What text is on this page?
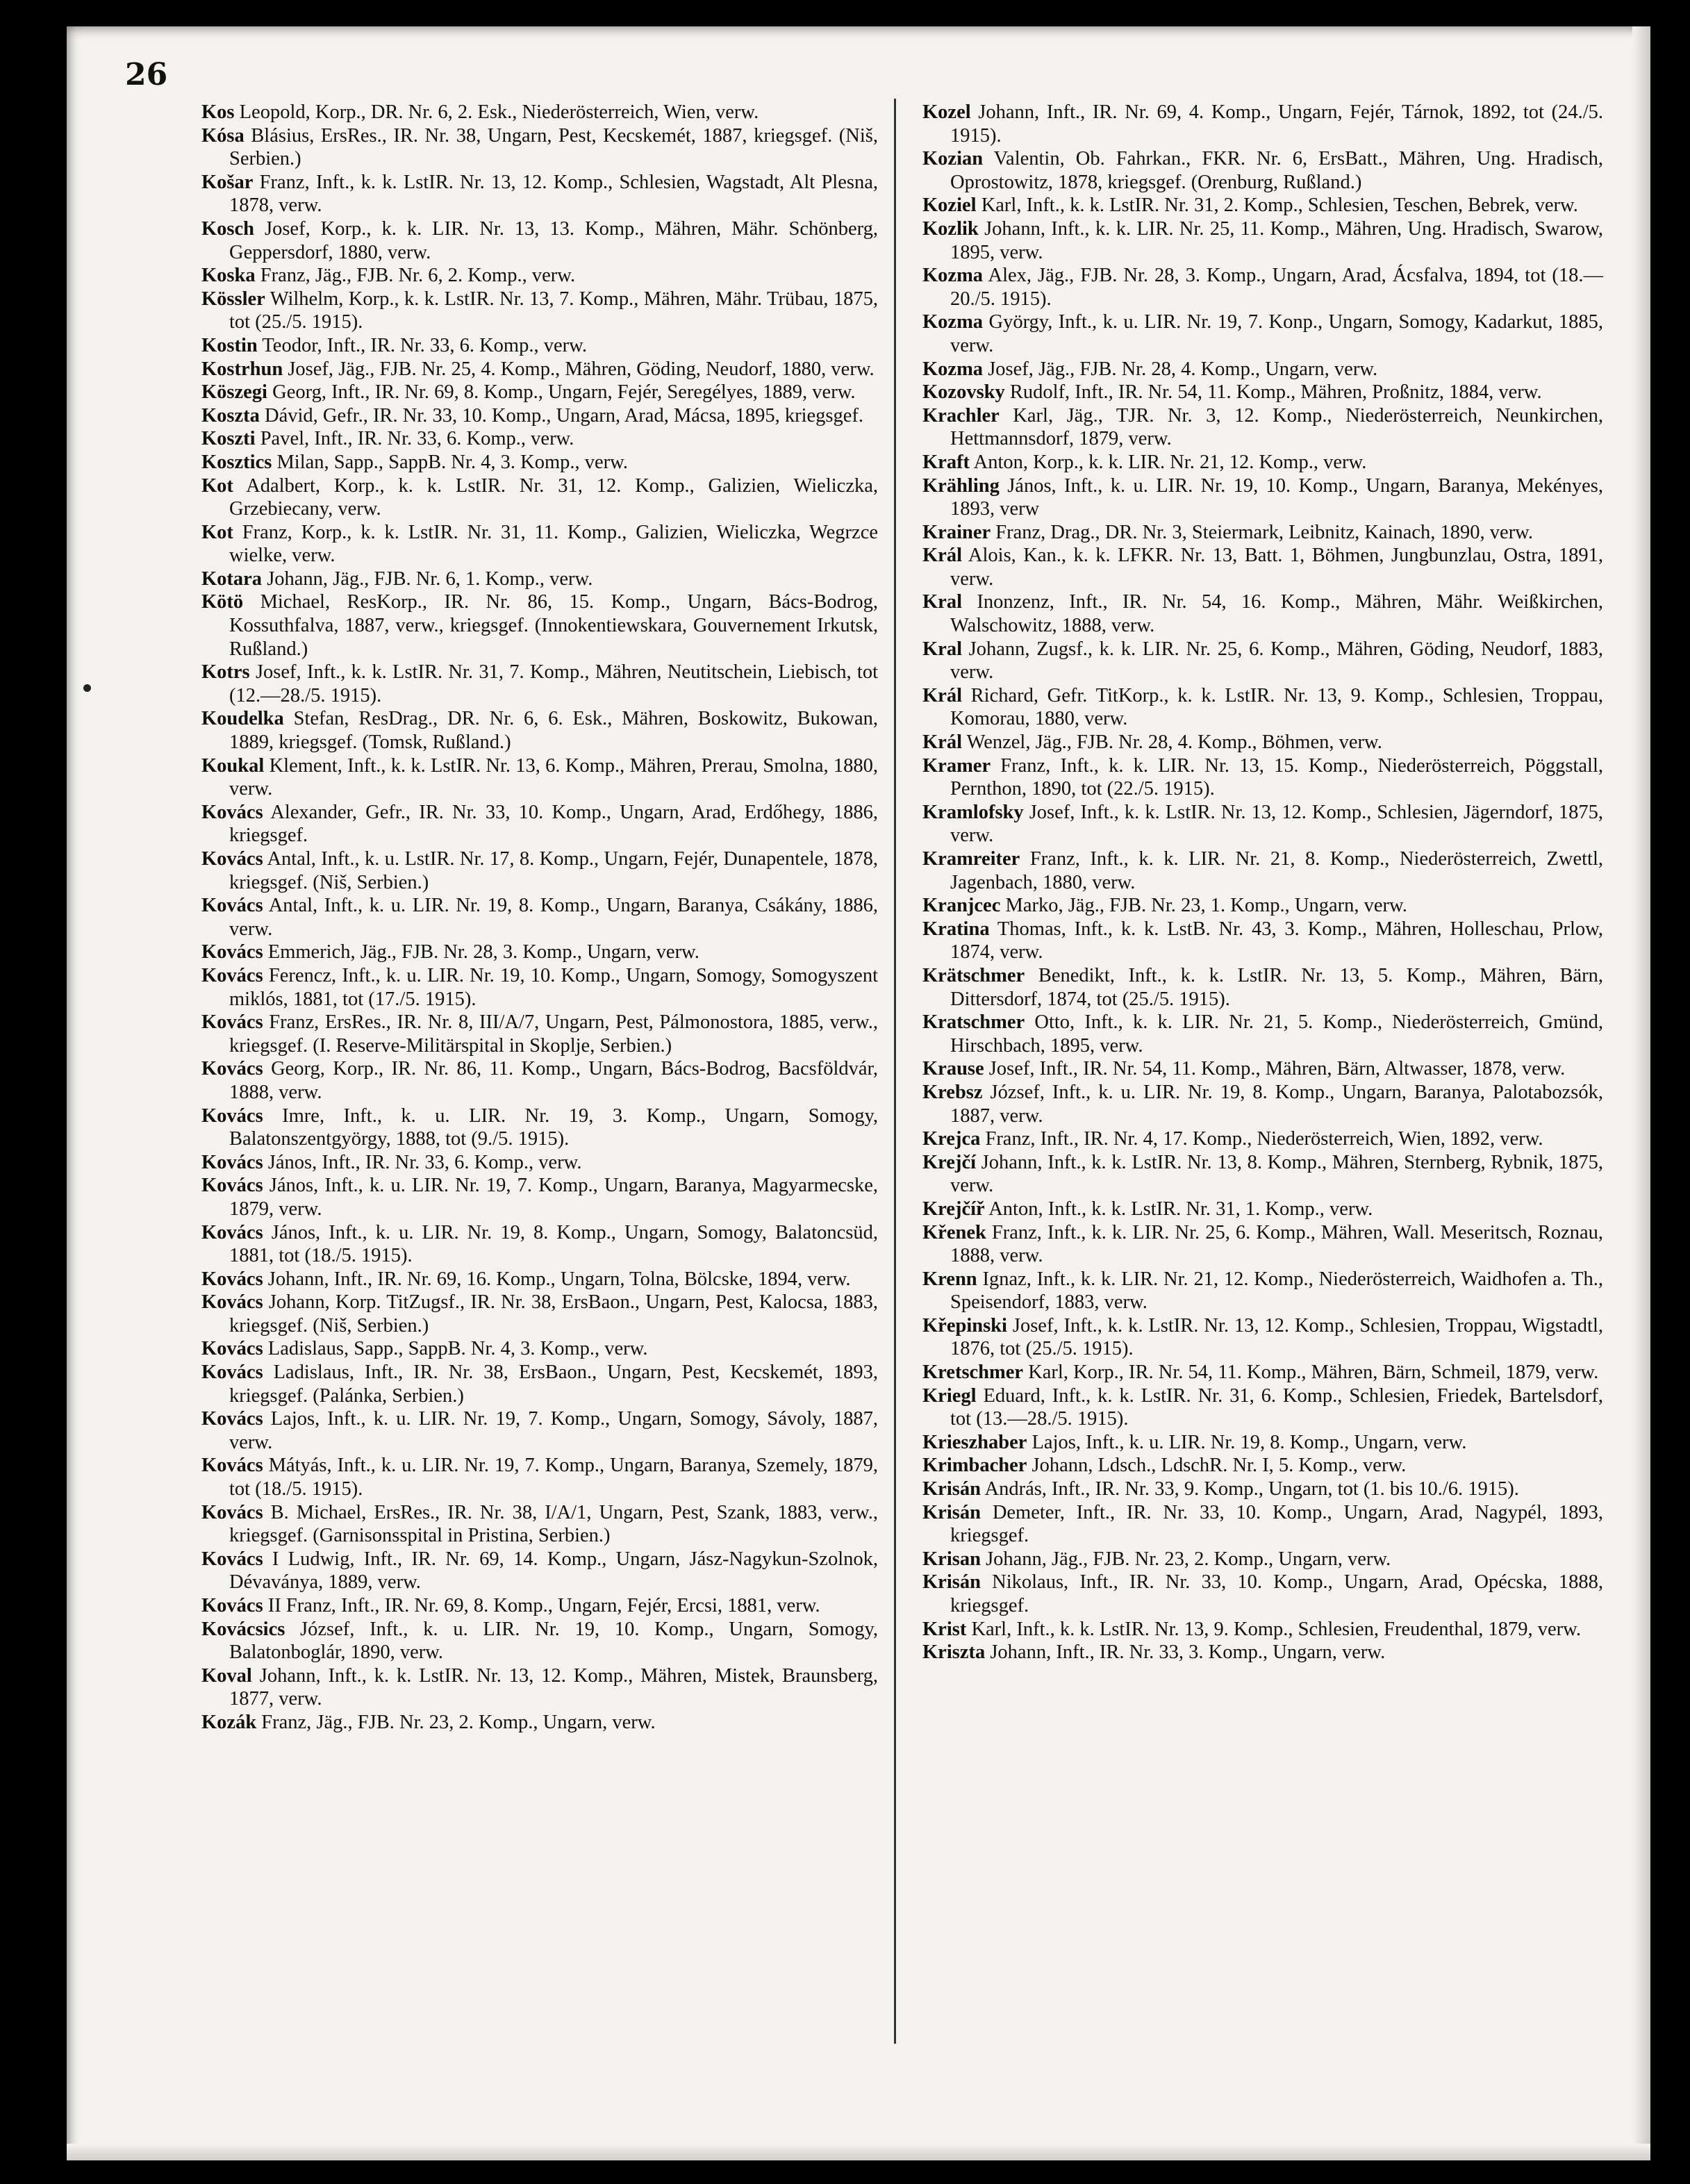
26

Kos Leopold, Korp., DR. Nr. 6, 2. Esk., Niederösterreich, Wien, verw.

Kósa Blásius, ErsRes., IR. Nr. 38, Ungarn, Pest, Kecskemét, 1887, kriegsgef. (Niš, Serbien.)

Košar Franz, Inft., k. k. LstIR. Nr. 13, 12. Komp., Schlesien, Wagstadt, Alt Plesna, 1878, verw.

Kosch Josef, Korp., k. k. LIR. Nr. 13, 13. Komp., Mähren, Mähr. Schönberg, Geppersdorf, 1880, verw.

Koska Franz, Jäg., FJB. Nr. 6, 2. Komp., verw.

Kössler Wilhelm, Korp., k. k. LstIR. Nr. 13, 7. Komp., Mähren, Mähr. Trübau, 1875, tot (25./5. 1915).

Kostin Teodor, Inft., IR. Nr. 33, 6. Komp., verw.

Kostrhun Josef, Jäg., FJB. Nr. 25, 4. Komp., Mähren, Göding, Neudorf, 1880, verw.

Köszegi Georg, Inft., IR. Nr. 69, 8. Komp., Ungarn, Fejér, Seregélyes, 1889, verw.

Koszta Dávid, Gefr., IR. Nr. 33, 10. Komp., Ungarn, Arad, Mácsa, 1895, kriegsgef.

Koszti Pavel, Inft., IR. Nr. 33, 6. Komp., verw.

Kosztics Milan, Sapp., SappB. Nr. 4, 3. Komp., verw.

Kot Adalbert, Korp., k. k. LstIR. Nr. 31, 12. Komp., Galizien, Wieliczka, Grzebiecany, verw.

Kot Franz, Korp., k. k. LstIR. Nr. 31, 11. Komp., Galizien, Wieliczka, Wegrzce wielke, verw.

Kotara Johann, Jäg., FJB. Nr. 6, 1. Komp., verw.

Kötö Michael, ResKorp., IR. Nr. 86, 15. Komp., Ungarn, Bács-Bodrog, Kossuthfalva, 1887, verw., kriegsgef. (Innokentiewskara, Gouvernement Irkutsk, Rußland.)

Kotrs Josef, Inft., k. k. LstIR. Nr. 31, 7. Komp., Mähren, Neutitschein, Liebisch, tot (12.—28./5. 1915).

Koudelka Stefan, ResDrag., DR. Nr. 6, 6. Esk., Mähren, Boskowitz, Bukowan, 1889, kriegsgef. (Tomsk, Rußland.)

Koukal Klement, Inft., k. k. LstIR. Nr. 13, 6. Komp., Mähren, Prerau, Smolna, 1880, verw.

Kovács Alexander, Gefr., IR. Nr. 33, 10. Komp., Ungarn, Arad, Erdőhegy, 1886, kriegsgef.

Kovács Antal, Inft., k. u. LstIR. Nr. 17, 8. Komp., Ungarn, Fejér, Dunapentele, 1878, kriegsgef. (Niš, Serbien.)

Kovács Antal, Inft., k. u. LIR. Nr. 19, 8. Komp., Ungarn, Baranya, Csákány, 1886, verw.

Kovács Emmerich, Jäg., FJB. Nr. 28, 3. Komp., Ungarn, verw.

Kovács Ferencz, Inft., k. u. LIR. Nr. 19, 10. Komp., Ungarn, Somogy, Somogyszent miklós, 1881, tot (17./5. 1915).

Kovács Franz, ErsRes., IR. Nr. 8, III/A/7, Ungarn, Pest, Pálmonostora, 1885, verw., kriegsgef. (I. Reserve-Militärspital in Skoplje, Serbien.)

Kovács Georg, Korp., IR. Nr. 86, 11. Komp., Ungarn, Bács-Bodrog, Bacsföldvár, 1888, verw.

Kovács Imre, Inft., k. u. LIR. Nr. 19, 3. Komp., Ungarn, Somogy, Balatonszentgyörgy, 1888, tot (9./5. 1915).

Kovács János, Inft., IR. Nr. 33, 6. Komp., verw.

Kovács János, Inft., k. u. LIR. Nr. 19, 7. Komp., Ungarn, Baranya, Magyarmecske, 1879, verw.

Kovács János, Inft., k. u. LIR. Nr. 19, 8. Komp., Ungarn, Somogy, Balatoncsüd, 1881, tot (18./5. 1915).

Kovács Johann, Inft., IR. Nr. 69, 16. Komp., Ungarn, Tolna, Bölcske, 1894, verw.

Kovács Johann, Korp. TitZugsf., IR. Nr. 38, ErsBaon., Ungarn, Pest, Kalocsa, 1883, kriegsgef. (Niš, Serbien.)

Kovács Ladislaus, Sapp., SappB. Nr. 4, 3. Komp., verw.

Kovács Ladislaus, Inft., IR. Nr. 38, ErsBaon., Ungarn, Pest, Kecskemét, 1893, kriegsgef. (Palánka, Serbien.)

Kovács Lajos, Inft., k. u. LIR. Nr. 19, 7. Komp., Ungarn, Somogy, Sávoly, 1887, verw.

Kovács Mátyás, Inft., k. u. LIR. Nr. 19, 7. Komp., Ungarn, Baranya, Szemely, 1879, tot (18./5. 1915).

Kovács B. Michael, ErsRes., IR. Nr. 38, I/A/1, Ungarn, Pest, Szank, 1883, verw., kriegsgef. (Garnisonsspital in Pristina, Serbien.)

Kovács I Ludwig, Inft., IR. Nr. 69, 14. Komp., Ungarn, Jász-Nagykun-Szolnok, Dévaványa, 1889, verw.

Kovács II Franz, Inft., IR. Nr. 69, 8. Komp., Ungarn, Fejér, Ercsi, 1881, verw.

Kovácsics József, Inft., k. u. LIR. Nr. 19, 10. Komp., Ungarn, Somogy, Balatonboglár, 1890, verw.

Koval Johann, Inft., k. k. LstIR. Nr. 13, 12. Komp., Mähren, Mistek, Braunsberg, 1877, verw.

Kozák Franz, Jäg., FJB. Nr. 23, 2. Komp., Ungarn, verw.

Kozel Johann, Inft., IR. Nr. 69, 4. Komp., Ungarn, Fejér, Tárnok, 1892, tot (24./5. 1915).

Kozian Valentin, Ob. Fahrkan., FKR. Nr. 6, ErsBatt., Mähren, Ung. Hradisch, Oprostowitz, 1878, kriegsgef. (Orenburg, Rußland.)

Koziel Karl, Inft., k. k. LstIR. Nr. 31, 2. Komp., Schlesien, Teschen, Bebrek, verw.

Kozlik Johann, Inft., k. k. LIR. Nr. 25, 11. Komp., Mähren, Ung. Hradisch, Swarow, 1895, verw.

Kozma Alex, Jäg., FJB. Nr. 28, 3. Komp., Ungarn, Arad, Ácsfalva, 1894, tot (18.—20./5. 1915).

Kozma György, Inft., k. u. LIR. Nr. 19, 7. Konp., Ungarn, Somogy, Kadarkut, 1885, verw.

Kozma Josef, Jäg., FJB. Nr. 28, 4. Komp., Ungarn, verw.

Kozovsky Rudolf, Inft., IR. Nr. 54, 11. Komp., Mähren, Proßnitz, 1884, verw.

Krachler Karl, Jäg., TJR. Nr. 3, 12. Komp., Niederösterreich, Neunkirchen, Hettmannsdorf, 1879, verw.

Kraft Anton, Korp., k. k. LIR. Nr. 21, 12. Komp., verw.

Krähling János, Inft., k. u. LIR. Nr. 19, 10. Komp., Ungarn, Baranya, Mekényes, 1893, verw

Krainer Franz, Drag., DR. Nr. 3, Steiermark, Leibnitz, Kainach, 1890, verw.

Král Alois, Kan., k. k. LFKR. Nr. 13, Batt. 1, Böhmen, Jungbunzlau, Ostra, 1891, verw.

Kral Inonzenz, Inft., IR. Nr. 54, 16. Komp., Mähren, Mähr. Weißkirchen, Walschowitz, 1888, verw.

Kral Johann, Zugsf., k. k. LIR. Nr. 25, 6. Komp., Mähren, Göding, Neudorf, 1883, verw.

Král Richard, Gefr. TitKorp., k. k. LstIR. Nr. 13, 9. Komp., Schlesien, Troppau, Komorau, 1880, verw.

Král Wenzel, Jäg., FJB. Nr. 28, 4. Komp., Böhmen, verw.

Kramer Franz, Inft., k. k. LIR. Nr. 13, 15. Komp., Niederösterreich, Pöggstall, Pernthon, 1890, tot (22./5. 1915).

Kramlofsky Josef, Inft., k. k. LstIR. Nr. 13, 12. Komp., Schlesien, Jägerndorf, 1875, verw.

Kramreiter Franz, Inft., k. k. LIR. Nr. 21, 8. Komp., Niederösterreich, Zwettl, Jagenbach, 1880, verw.

Kranjcec Marko, Jäg., FJB. Nr. 23, 1. Komp., Ungarn, verw.

Kratina Thomas, Inft., k. k. LstB. Nr. 43, 3. Komp., Mähren, Holleschau, Prlow, 1874, verw.

Krätschmer Benedikt, Inft., k. k. LstIR. Nr. 13, 5. Komp., Mähren, Bärn, Dittersdorf, 1874, tot (25./5. 1915).

Kratschmer Otto, Inft., k. k. LIR. Nr. 21, 5. Komp., Niederösterreich, Gmünd, Hirschbach, 1895, verw.

Krause Josef, Inft., IR. Nr. 54, 11. Komp., Mähren, Bärn, Altwasser, 1878, verw.

Krebsz József, Inft., k. u. LIR. Nr. 19, 8. Komp., Ungarn, Baranya, Palotabozsók, 1887, verw.

Krejca Franz, Inft., IR. Nr. 4, 17. Komp., Niederösterreich, Wien, 1892, verw.

Krejčí Johann, Inft., k. k. LstIR. Nr. 13, 8. Komp., Mähren, Sternberg, Rybnik, 1875, verw.

Krejčíř Anton, Inft., k. k. LstIR. Nr. 31, 1. Komp., verw.

Křenek Franz, Inft., k. k. LIR. Nr. 25, 6. Komp., Mähren, Wall. Meseritsch, Roznau, 1888, verw.

Krenn Ignaz, Inft., k. k. LIR. Nr. 21, 12. Komp., Niederösterreich, Waidhofen a. Th., Speisendorf, 1883, verw.

Křepinski Josef, Inft., k. k. LstIR. Nr. 13, 12. Komp., Schlesien, Troppau, Wigstadtl, 1876, tot (25./5. 1915).

Kretschmer Karl, Korp., IR. Nr. 54, 11. Komp., Mähren, Bärn, Schmeil, 1879, verw.

Kriegl Eduard, Inft., k. k. LstIR. Nr. 31, 6. Komp., Schlesien, Friedek, Bartelsdorf, tot (13.—28./5. 1915).

Krieszhaber Lajos, Inft., k. u. LIR. Nr. 19, 8. Komp., Ungarn, verw.

Krimbacher Johann, Ldsch., LdschR. Nr. I, 5. Komp., verw.

Krisán András, Inft., IR. Nr. 33, 9. Komp., Ungarn, tot (1. bis 10./6. 1915).

Krisán Demeter, Inft., IR. Nr. 33, 10. Komp., Ungarn, Arad, Nagypél, 1893, kriegsgef.

Krisan Johann, Jäg., FJB. Nr. 23, 2. Komp., Ungarn, verw.

Krisán Nikolaus, Inft., IR. Nr. 33, 10. Komp., Ungarn, Arad, Opécska, 1888, kriegsgef.

Krist Karl, Inft., k. k. LstIR. Nr. 13, 9. Komp., Schlesien, Freudenthal, 1879, verw.

Kriszta Johann, Inft., IR. Nr. 33, 3. Komp., Ungarn, verw.
